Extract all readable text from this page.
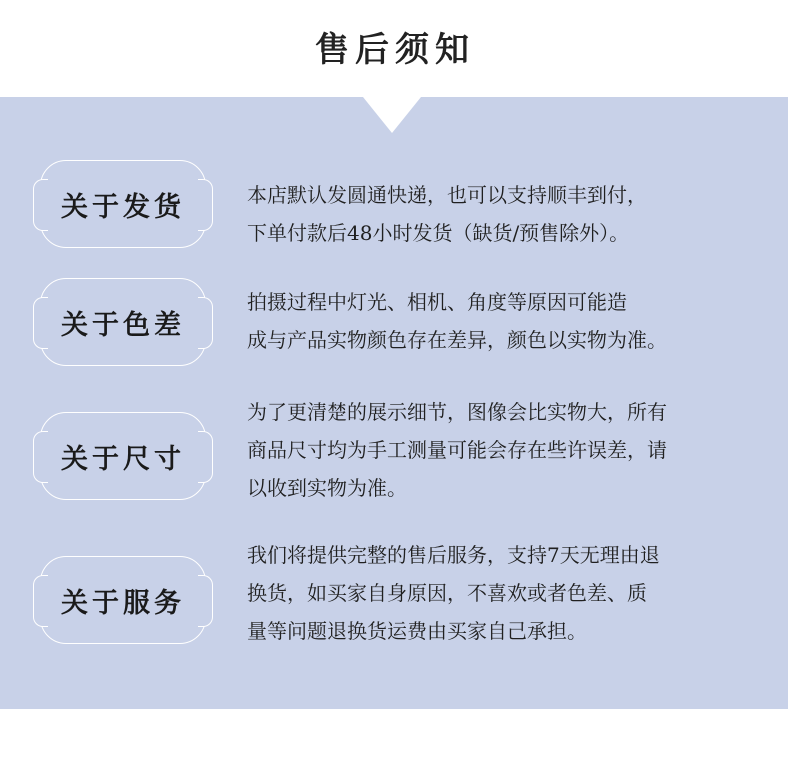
售后须知
关于发货	本店默认发圆通快递，也可以支持顺丰到付，
下单付款后48小时发货（缺货/预售除外）。
关于色差
拍摄过程中灯光、相机、角度等原因可能造
成与产品实物颜色存在差异，颜色以实物为准。
关于尺寸
为了更清楚的展示细节，图像会比实物大，所有
商品尺寸均为手工测量可能会存在些许误差，请
以收到实物为准。
关于服务
我们将提供完整的售后服务，支持7天无理由退
换货，如买家自身原因，不喜欢或者色差、质
量等问题退换货运费由买家自己承担。
